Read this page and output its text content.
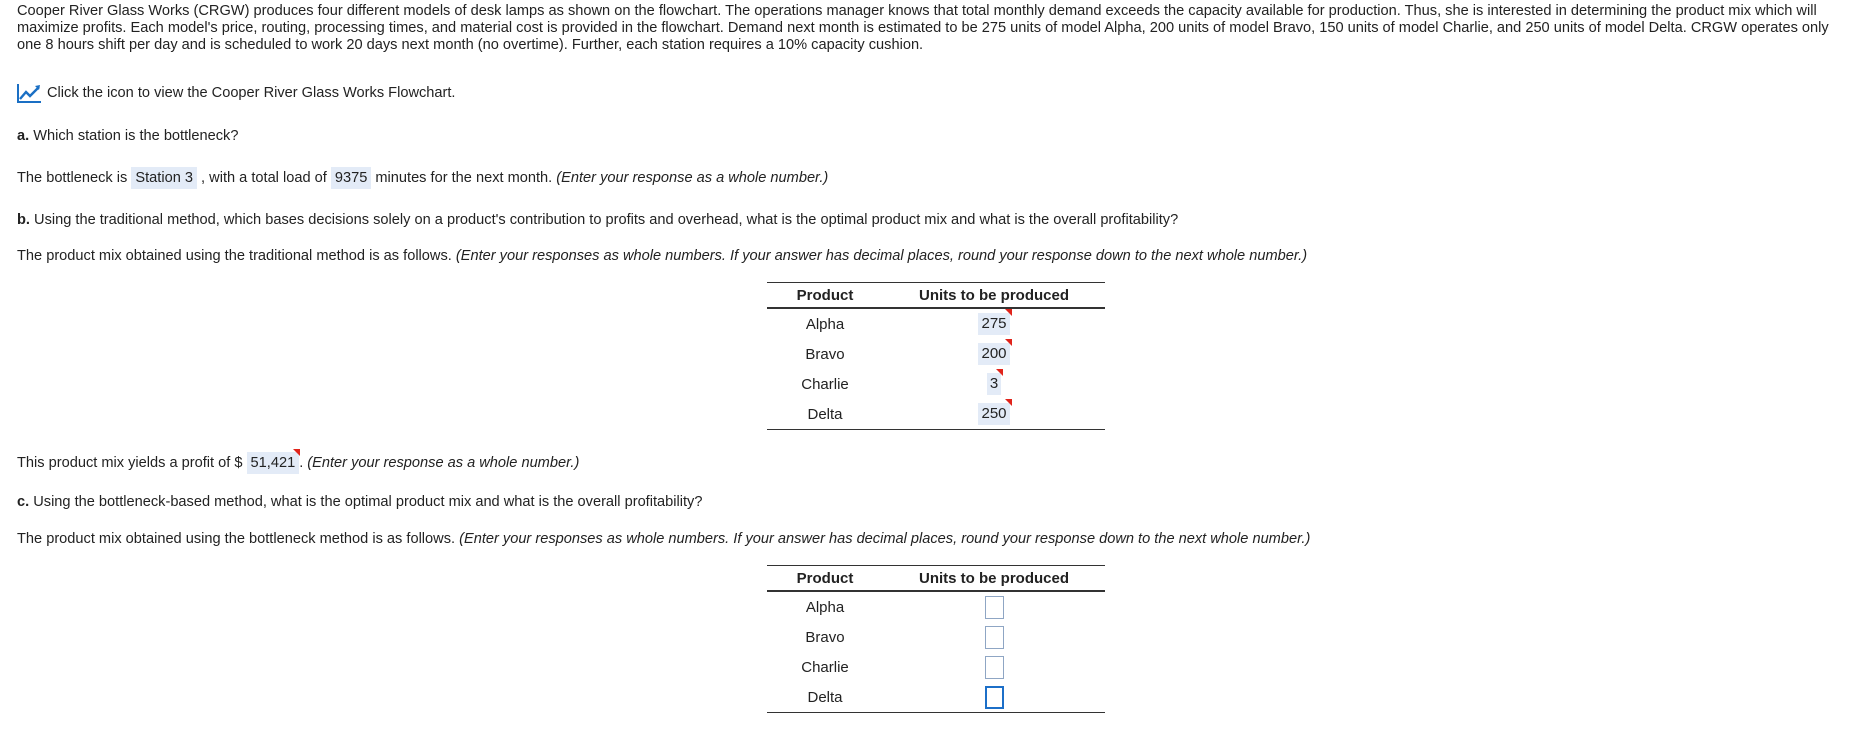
Cooper River Glass Works (CRGW) produces four different models of desk lamps as shown on the flowchart. The operations manager knows that total monthly demand exceeds the capacity available for production. Thus, she is interested in determining the product mix which will maximize profits. Each model's price, routing, processing times, and material cost is provided in the flowchart. Demand next month is estimated to be 275 units of model Alpha, 200 units of model Bravo, 150 units of model Charlie, and 250 units of model Delta. CRGW operates only one 8 hours shift per day and is scheduled to work 20 days next month (no overtime). Further, each station requires a 10% capacity cushion.

Click the icon to view the Cooper River Glass Works Flowchart.
a. Which station is the bottleneck?
The bottleneck is Station 3 , with a total load of 9375 minutes for the next month. (Enter your response as a whole number.)
b. Using the traditional method, which bases decisions solely on a product's contribution to profits and overhead, what is the optimal product mix and what is the overall profitability?
The product mix obtained using the traditional method is as follows. (Enter your responses as whole numbers. If your answer has decimal places, round your response down to the next whole number.)
Product	Units to be produced
Alpha	275

Bravo	200

Charlie	3

Delta	250
This product mix yields a profit of $ 51,421 . (Enter your response as a whole number.)
c. Using the bottleneck-based method, what is the optimal product mix and what is the overall profitability?
The product mix obtained using the bottleneck method is as follows. (Enter your responses as whole numbers. If your answer has decimal places, round your response down to the next whole number.)
Product	Units to be produced
Alpha	
Bravo	
Charlie	
Delta	
